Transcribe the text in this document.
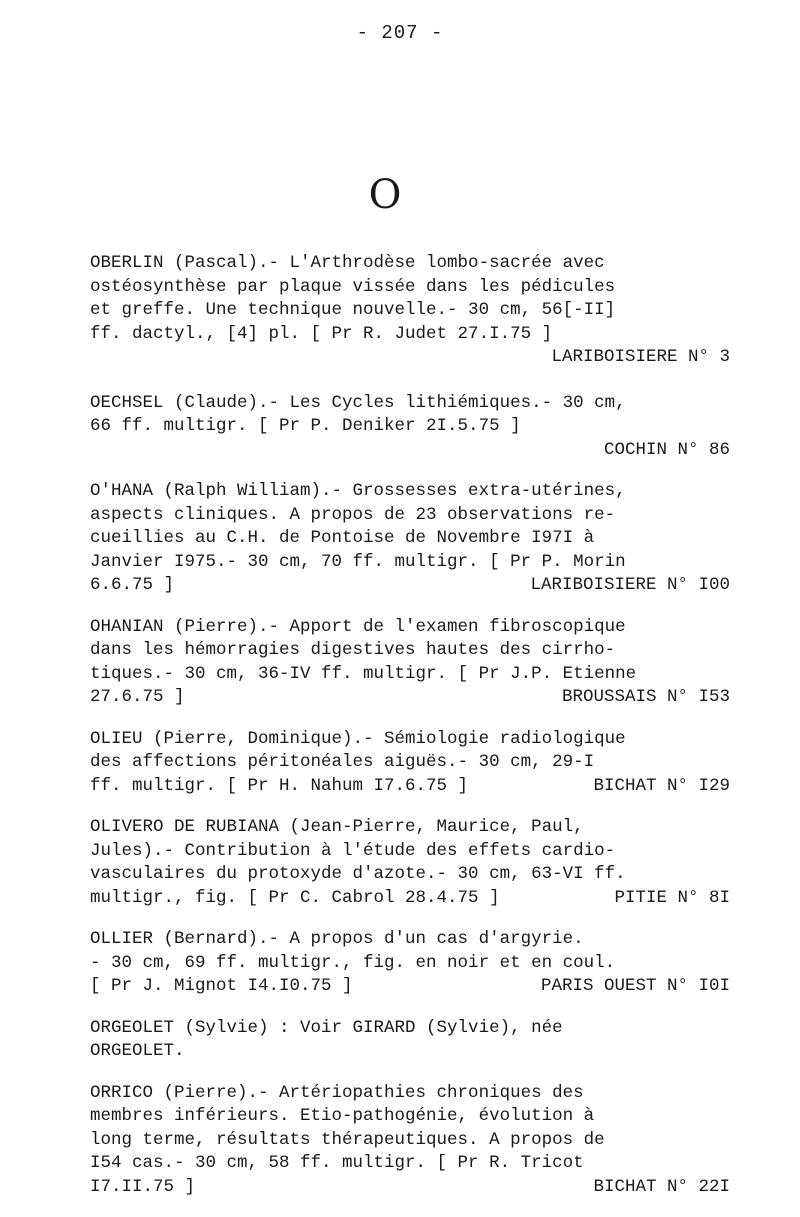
- 207 -
O
OBERLIN (Pascal).- L'Arthrodèse lombo-sacrée avec
ostéosynthèse par plaque vissée dans les pédicules
et greffe. Une technique nouvelle.- 30 cm, 56[-II]
ff. dactyl., [4] pl. [ Pr R. Judet 27.I.75 ]
LARIBOISIERE N° 3
OECHSEL (Claude).- Les Cycles lithiémiques.- 30 cm,
66 ff. multigr. [ Pr P. Deniker 2I.5.75 ]
COCHIN N° 86
O'HANA (Ralph William).- Grossesses extra-utérines,
aspects cliniques. A propos de 23 observations re-
cueillies au C.H. de Pontoise de Novembre I97I à
Janvier I975.- 30 cm, 70 ff. multigr. [ Pr P. Morin
6.6.75 ]	LARIBOISIERE N° I00
OHANIAN (Pierre).- Apport de l'examen fibroscopique
dans les hémorragies digestives hautes des cirrho-
tiques.- 30 cm, 36-IV ff. multigr. [ Pr J.P. Etienne
27.6.75 ]	BROUSSAIS N° I53
OLIEU (Pierre, Dominique).- Sémiologie radiologique
des affections péritonéales aiguës.- 30 cm, 29-I
ff. multigr. [ Pr H. Nahum I7.6.75 ]	BICHAT N° I29
OLIVERO DE RUBIANA (Jean-Pierre, Maurice, Paul,
Jules).- Contribution à l'étude des effets cardio-
vasculaires du protoxyde d'azote.- 30 cm, 63-VI ff.
multigr., fig. [ Pr C. Cabrol 28.4.75 ]	PITIE N° 8I
OLLIER (Bernard).- A propos d'un cas d'argyrie.
- 30 cm, 69 ff. multigr., fig. en noir et en coul.
[ Pr J. Mignot I4.I0.75 ]	PARIS OUEST N° I0I
ORGEOLET (Sylvie) : Voir GIRARD (Sylvie), née
ORGEOLET.
ORRICO (Pierre).- Artériopathies chroniques des
membres inférieurs. Etio-pathogénie, évolution à
long terme, résultats thérapeutiques. A propos de
I54 cas.- 30 cm, 58 ff. multigr. [ Pr R. Tricot
I7.II.75 ]	BICHAT N° 22I
